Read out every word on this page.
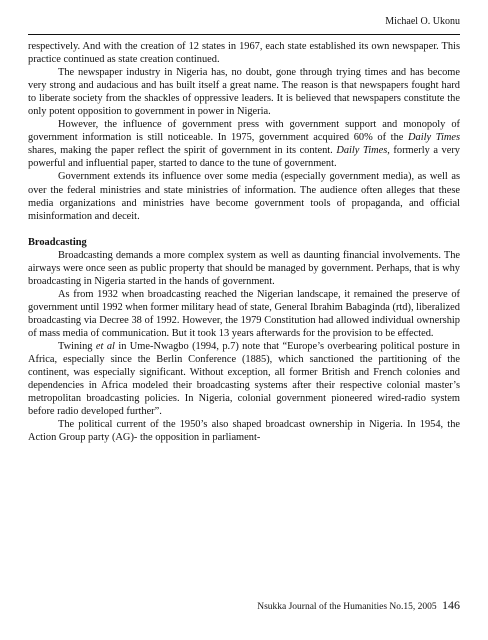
Michael O. Ukonu

respectively. And with the creation of 12 states in 1967, each state established its own newspaper. This practice continued as state creation continued.

The newspaper industry in Nigeria has, no doubt, gone through trying times and has become very strong and audacious and has built itself a great name. The reason is that newspapers fought hard to liberate society from the shackles of oppressive leaders. It is believed that newspapers constitute the only potent opposition to government in power in Nigeria.

However, the influence of government press with government support and monopoly of government information is still noticeable. In 1975, government acquired 60% of the Daily Times shares, making the paper reflect the spirit of government in its content. Daily Times, formerly a very powerful and influential paper, started to dance to the tune of government.

Government extends its influence over some media (especially government media), as well as over the federal ministries and state ministries of information. The audience often alleges that these media organizations and ministries have become government tools of propaganda, and official misinformation and deceit.

Broadcasting

Broadcasting demands a more complex system as well as daunting financial involvements. The airways were once seen as public property that should be managed by government. Perhaps, that is why broadcasting in Nigeria started in the hands of government.

As from 1932 when broadcasting reached the Nigerian landscape, it remained the preserve of government until 1992 when former military head of state, General Ibrahim Babaginda (rtd), liberalized broadcasting via Decree 38 of 1992. However, the 1979 Constitution had allowed individual ownership of mass media of communication. But it took 13 years afterwards for the provision to be effected.

Twining et al in Ume-Nwagbo (1994, p.7) note that “Europe’s overbearing political posture in Africa, especially since the Berlin Conference (1885), which sanctioned the partitioning of the continent, was especially significant. Without exception, all former British and French colonies and dependencies in Africa modeled their broadcasting systems after their respective colonial master’s metropolitan broadcasting policies. In Nigeria, colonial government pioneered wired-radio system before radio developed further”.

The political current of the 1950’s also shaped broadcast ownership in Nigeria. In 1954, the Action Group party (AG)- the opposition in parliament-

Nsukka Journal of the Humanities No.15, 2005 146
